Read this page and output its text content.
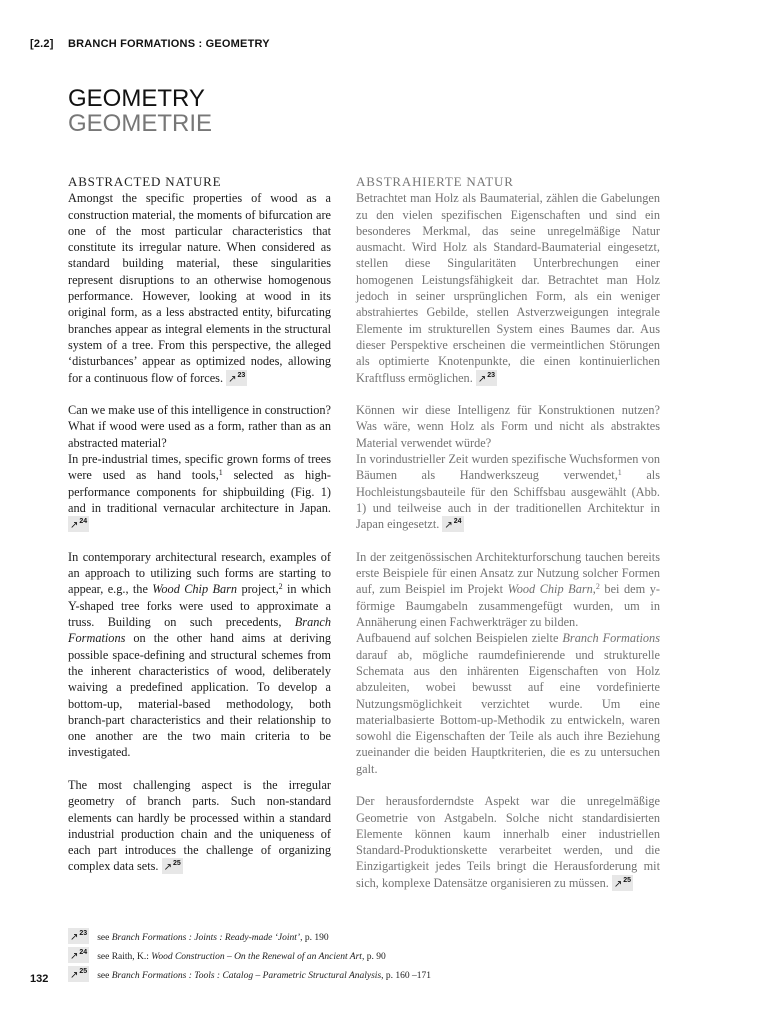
[2.2] BRANCH FORMATIONS : GEOMETRY
GEOMETRY
GEOMETRIE
ABSTRACTED NATURE

Amongst the specific properties of wood as a construction material, the moments of bifurcation are one of the most particular characteristics that constitute its irregular nature. When considered as standard building material, these singularities represent disruptions to an otherwise homogenous performance. However, looking at wood in its original form, as a less abstracted entity, bifurcating branches appear as integral elements in the structural system of a tree. From this perspective, the alleged ‘disturbances’ appear as optimized nodes, allowing for a continuous flow of forces. ↗$^{23}$

Can we make use of this intelligence in construction? What if wood were used as a form, rather than as an abstracted material?

In pre-industrial times, specific grown forms of trees were used as hand tools,$^1$ selected as high-performance components for shipbuilding (Fig. 1) and in traditional vernacular architecture in Japan. ↗$^{24}$

In contemporary architectural research, examples of an approach to utilizing such forms are starting to appear, e.g., the Wood Chip Barn project,$^2$ in which Y-shaped tree forks were used to approximate a truss. Building on such precedents, Branch Formations on the other hand aims at deriving possible space-defining and structural schemes from the inherent characteristics of wood, deliberately waiving a predefined application. To develop a bottom-up, material-based methodology, both branch-part characteristics and their relationship to one another are the two main criteria to be investigated.

The most challenging aspect is the irregular geometry of branch parts. Such non-standard elements can hardly be processed within a standard industrial production chain and the uniqueness of each part introduces the challenge of organizing complex data sets. ↗$^{25}$

ABSTRAHIERTE NATUR

Betrachtet man Holz als Baumaterial, zählen die Gabelungen zu den vielen spezifischen Eigenschaften und sind ein besonderes Merkmal, das seine unregelmäßige Natur ausmacht. Wird Holz als Standard-Baumaterial eingesetzt, stellen diese Singularitäten Unterbrechungen einer homogenen Leistungsfähigkeit dar. Betrachtet man Holz jedoch in seiner ursprünglichen Form, als ein weniger abstrahiertes Gebilde, stellen Astverzweigungen integrale Elemente im strukturellen System eines Baumes dar. Aus dieser Perspektive erscheinen die vermeintlichen Störungen als optimierte Knotenpunkte, die einen kontinuierlichen Kraftfluss ermöglichen. ↗$^{23}$

Können wir diese Intelligenz für Konstruktionen nutzen? Was wäre, wenn Holz als Form und nicht als abstraktes Material verwendet würde?

In vorindustrieller Zeit wurden spezifische Wuchsformen von Bäumen als Handwerkszeug verwendet,$^1$ als Hochleistungsbauteile für den Schiffsbau ausgewählt (Abb. 1) und teilweise auch in der traditionellen Architektur in Japan eingesetzt. ↗$^{24}$

In der zeitgenössischen Architekturforschung tauchen bereits erste Beispiele für einen Ansatz zur Nutzung solcher Formen auf, zum Beispiel im Projekt Wood Chip Barn,$^2$ bei dem y-förmige Baumgabeln zusammengefügt wurden, um in Annäherung einen Fachwerkträger zu bilden.

Aufbauend auf solchen Beispielen zielte Branch Formations darauf ab, mögliche raumdefinierende und strukturelle Schemata aus den inhärenten Eigenschaften von Holz abzuleiten, wobei bewusst auf eine vordefinierte Nutzungsmöglichkeit verzichtet wurde. Um eine materialbasierte Bottom-up-Methodik zu entwickeln, waren sowohl die Eigenschaften der Teile als auch ihre Beziehung zueinander die beiden Hauptkriterien, die es zu untersuchen galt.

Der herausforderndste Aspekt war die unregelmäßige Geometrie von Astgabeln. Solche nicht standardisierten Elemente können kaum innerhalb einer industriellen Standard-Produktionskette verarbeitet werden, und die Einzigartigkeit jedes Teils bringt die Herausforderung mit sich, komplexe Datensätze organisieren zu müssen. ↗$^{25}$

↗$^{23}$ see Branch Formations : Joints : Ready-made ‘Joint’, p. 190
↗$^{24}$ see Raith, K.: Wood Construction – On the Renewal of an Ancient Art, p. 90
↗$^{25}$ see Branch Formations : Tools : Catalog – Parametric Structural Analysis, p. 160 –171
132
